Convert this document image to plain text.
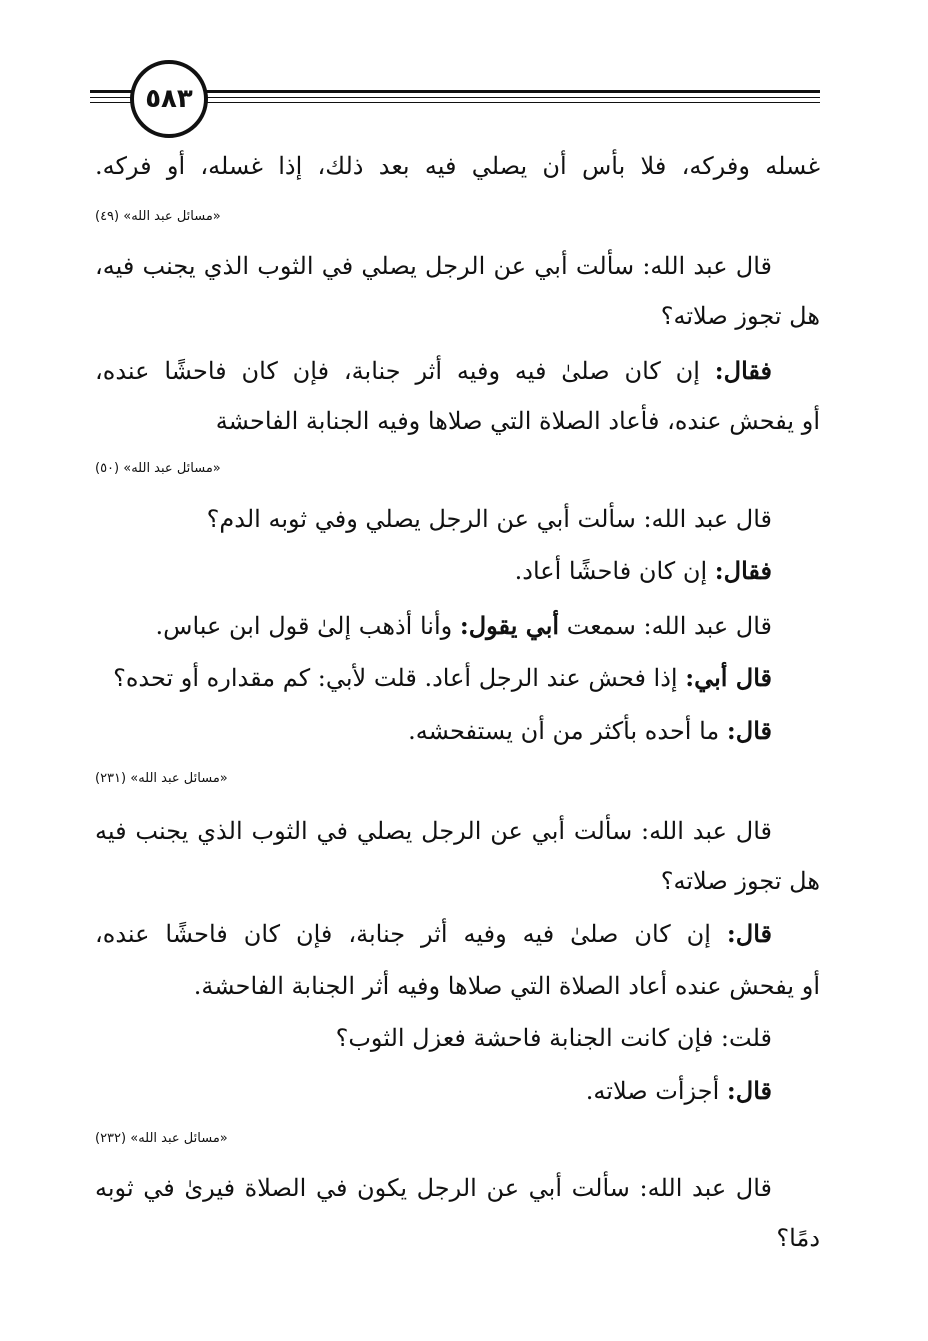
٥٨٣
غسله وفركه، فلا بأس أن يصلي فيه بعد ذلك، إذا غسله، أو فركه.
«مسائل عبد الله» (٤٩)
قال عبد الله: سألت أبي عن الرجل يصلي في الثوب الذي يجنب فيه،
هل تجوز صلاته؟
فقال: إن كان صلىٰ فيه وفيه أثر جنابة، فإن كان فاحشًا عنده،
أو يفحش عنده، فأعاد الصلاة التي صلاها وفيه الجنابة الفاحشة
«مسائل عبد الله» (٥٠)
قال عبد الله: سألت أبي عن الرجل يصلي وفي ثوبه الدم؟
فقال: إن كان فاحشًا أعاد.
قال عبد الله: سمعت أبي يقول: وأنا أذهب إلىٰ قول ابن عباس.
قال أبي: إذا فحش عند الرجل أعاد. قلت لأبي: كم مقداره أو تحده؟
قال: ما أحده بأكثر من أن يستفحشه.
«مسائل عبد الله» (٢٣١)
قال عبد الله: سألت أبي عن الرجل يصلي في الثوب الذي يجنب فيه
هل تجوز صلاته؟
قال: إن كان صلىٰ فيه وفيه أثر جنابة، فإن كان فاحشًا عنده،
أو يفحش عنده أعاد الصلاة التي صلاها وفيه أثر الجنابة الفاحشة.
قلت: فإن كانت الجنابة فاحشة فعزل الثوب؟
قال: أجزأت صلاته.
«مسائل عبد الله» (٢٣٢)
قال عبد الله: سألت أبي عن الرجل يكون في الصلاة فيرىٰ في ثوبه
دمًا؟
